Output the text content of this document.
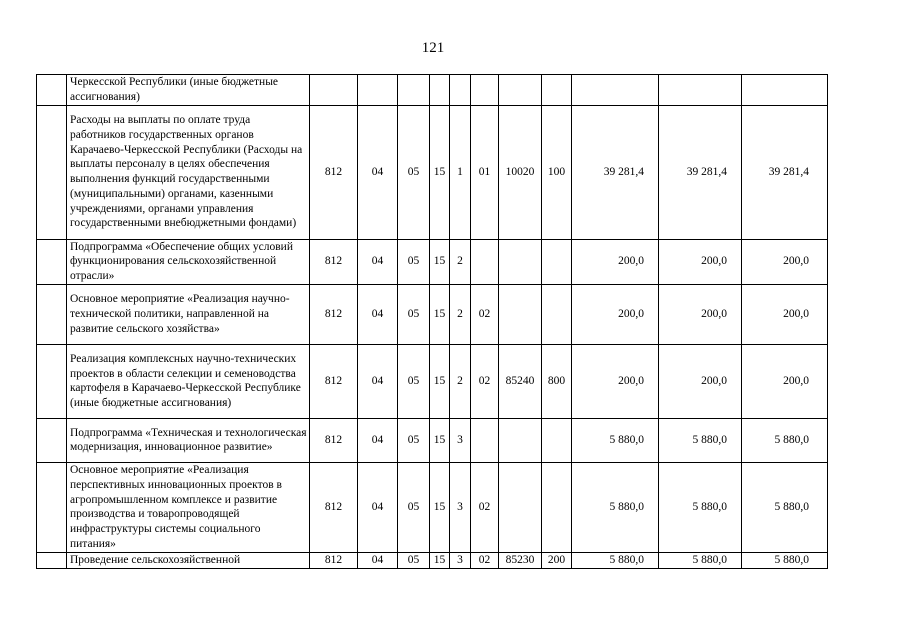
121
	Черкесской Республики (иные бюджетные ассигнования)											
	Расходы на выплаты по оплате труда работников государственных органов Карачаево-Черкесской Республики (Расходы на выплаты персоналу в целях обеспечения выполнения функций государственными (муниципальными) органами, казенными учреждениями, органами управления государственными внебюджетными фондами)	812	04	05	15	1	01	10020	100	39 281,4	39 281,4	39 281,4
	Подпрограмма «Обеспечение общих условий функционирования сельскохозяйственной отрасли»	812	04	05	15	2				200,0	200,0	200,0
	Основное мероприятие «Реализация научно-технической политики, направленной на развитие сельского хозяйства»	812	04	05	15	2	02			200,0	200,0	200,0
	Реализация комплексных научно-технических проектов в области селекции и семеноводства картофеля в Карачаево-Черкесской Республике (иные бюджетные ассигнования)	812	04	05	15	2	02	85240	800	200,0	200,0	200,0
	Подпрограмма «Техническая и технологическая модернизация, инновационное развитие»	812	04	05	15	3				5 880,0	5 880,0	5 880,0
	Основное мероприятие «Реализация перспективных инновационных проектов в агропромышленном комплексе и развитие производства и товаропроводящей инфраструктуры системы социального питания»	812	04	05	15	3	02			5 880,0	5 880,0	5 880,0
	Проведение сельскохозяйственной	812	04	05	15	3	02	85230	200	5 880,0	5 880,0	5 880,0
